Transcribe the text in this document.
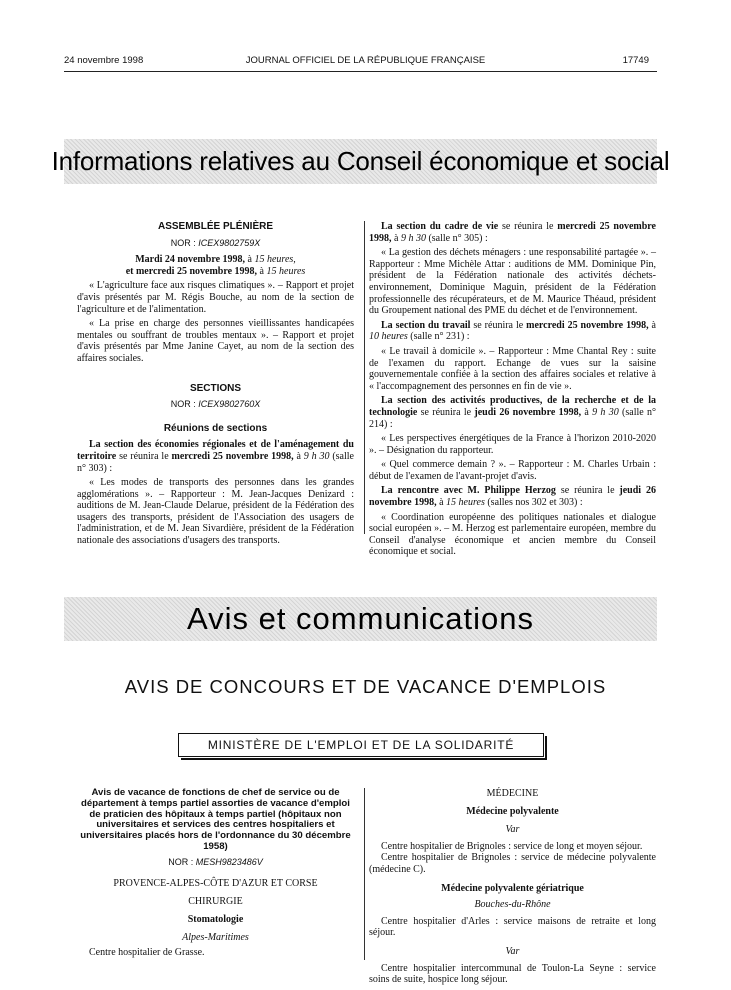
24 novembre 1998	JOURNAL OFFICIEL DE LA RÉPUBLIQUE FRANÇAISE	17749
Informations relatives au Conseil économique et social

ASSEMBLÉE PLÉNIÈRE

NOR : ICEX9802759X

Mardi 24 novembre 1998, à 15 heures,

et mercredi 25 novembre 1998, à 15 heures

« L'agriculture face aux risques climatiques ». – Rapport et projet d'avis présentés par M. Régis Bouche, au nom de la section de l'agriculture et de l'alimentation.

« La prise en charge des personnes vieillissantes handicapées mentales ou souffrant de troubles mentaux ». – Rapport et projet d'avis présentés par Mme Janine Cayet, au nom de la section des affaires sociales.

SECTIONS

NOR : ICEX9802760X

Réunions de sections

La section des économies régionales et de l'aménagement du territoire se réunira le mercredi 25 novembre 1998, à 9 h 30 (salle n° 303) :

« Les modes de transports des personnes dans les grandes agglomérations ». – Rapporteur : M. Jean-Jacques Denizard : auditions de M. Jean-Claude Delarue, président de la Fédération des usagers des transports, président de l'Association des usagers de l'administration, et de M. Jean Sivardière, président de la Fédération nationale des associations d'usagers des transports.

La section du cadre de vie se réunira le mercredi 25 novembre 1998, à 9 h 30 (salle n° 305) :

« La gestion des déchets ménagers : une responsabilité partagée ». – Rapporteur : Mme Michèle Attar : auditions de MM. Dominique Pin, président de la Fédération nationale des activités déchets-environnement, Dominique Maguin, président de la Fédération professionnelle des récupérateurs, et de M. Maurice Théaud, président du Groupement national des PME du déchet et de l'environnement.

La section du travail se réunira le mercredi 25 novembre 1998, à 10 heures (salle n° 231) :

« Le travail à domicile ». – Rapporteur : Mme Chantal Rey : suite de l'examen du rapport. Echange de vues sur la saisine gouvernementale confiée à la section des affaires sociales et relative à « l'accompagnement des personnes en fin de vie ».

La section des activités productives, de la recherche et de la technologie se réunira le jeudi 26 novembre 1998, à 9 h 30 (salle n° 214) :

« Les perspectives énergétiques de la France à l'horizon 2010-2020 ». – Désignation du rapporteur.

« Quel commerce demain ? ». – Rapporteur : M. Charles Urbain : début de l'examen de l'avant-projet d'avis.

La rencontre avec M. Philippe Herzog se réunira le jeudi 26 novembre 1998, à 15 heures (salles nos 302 et 303) :

« Coordination européenne des politiques nationales et dialogue social européen ». – M. Herzog est parlementaire européen, membre du Conseil d'analyse économique et ancien membre du Conseil économique et social.

Avis et communications
AVIS DE CONCOURS ET DE VACANCE D'EMPLOIS
MINISTÈRE DE L'EMPLOI ET DE LA SOLIDARITÉ

Avis de vacance de fonctions de chef de service ou de département à temps partiel assorties de vacance d'emploi de praticien des hôpitaux à temps partiel (hôpitaux non universitaires et services des centres hospitaliers et universitaires placés hors de l'ordonnance du 30 décembre 1958)

NOR : MESH9823486V

PROVENCE-ALPES-CÔTE D'AZUR ET CORSE

CHIRURGIE

Stomatologie

Alpes-Maritimes

Centre hospitalier de Grasse.

MÉDECINE

Médecine polyvalente

Var

Centre hospitalier de Brignoles : service de long et moyen séjour.

Centre hospitalier de Brignoles : service de médecine polyvalente (médecine C).

Médecine polyvalente gériatrique

Bouches-du-Rhône

Centre hospitalier d'Arles : service maisons de retraite et long séjour.

Var

Centre hospitalier intercommunal de Toulon-La Seyne : service soins de suite, hospice long séjour.
